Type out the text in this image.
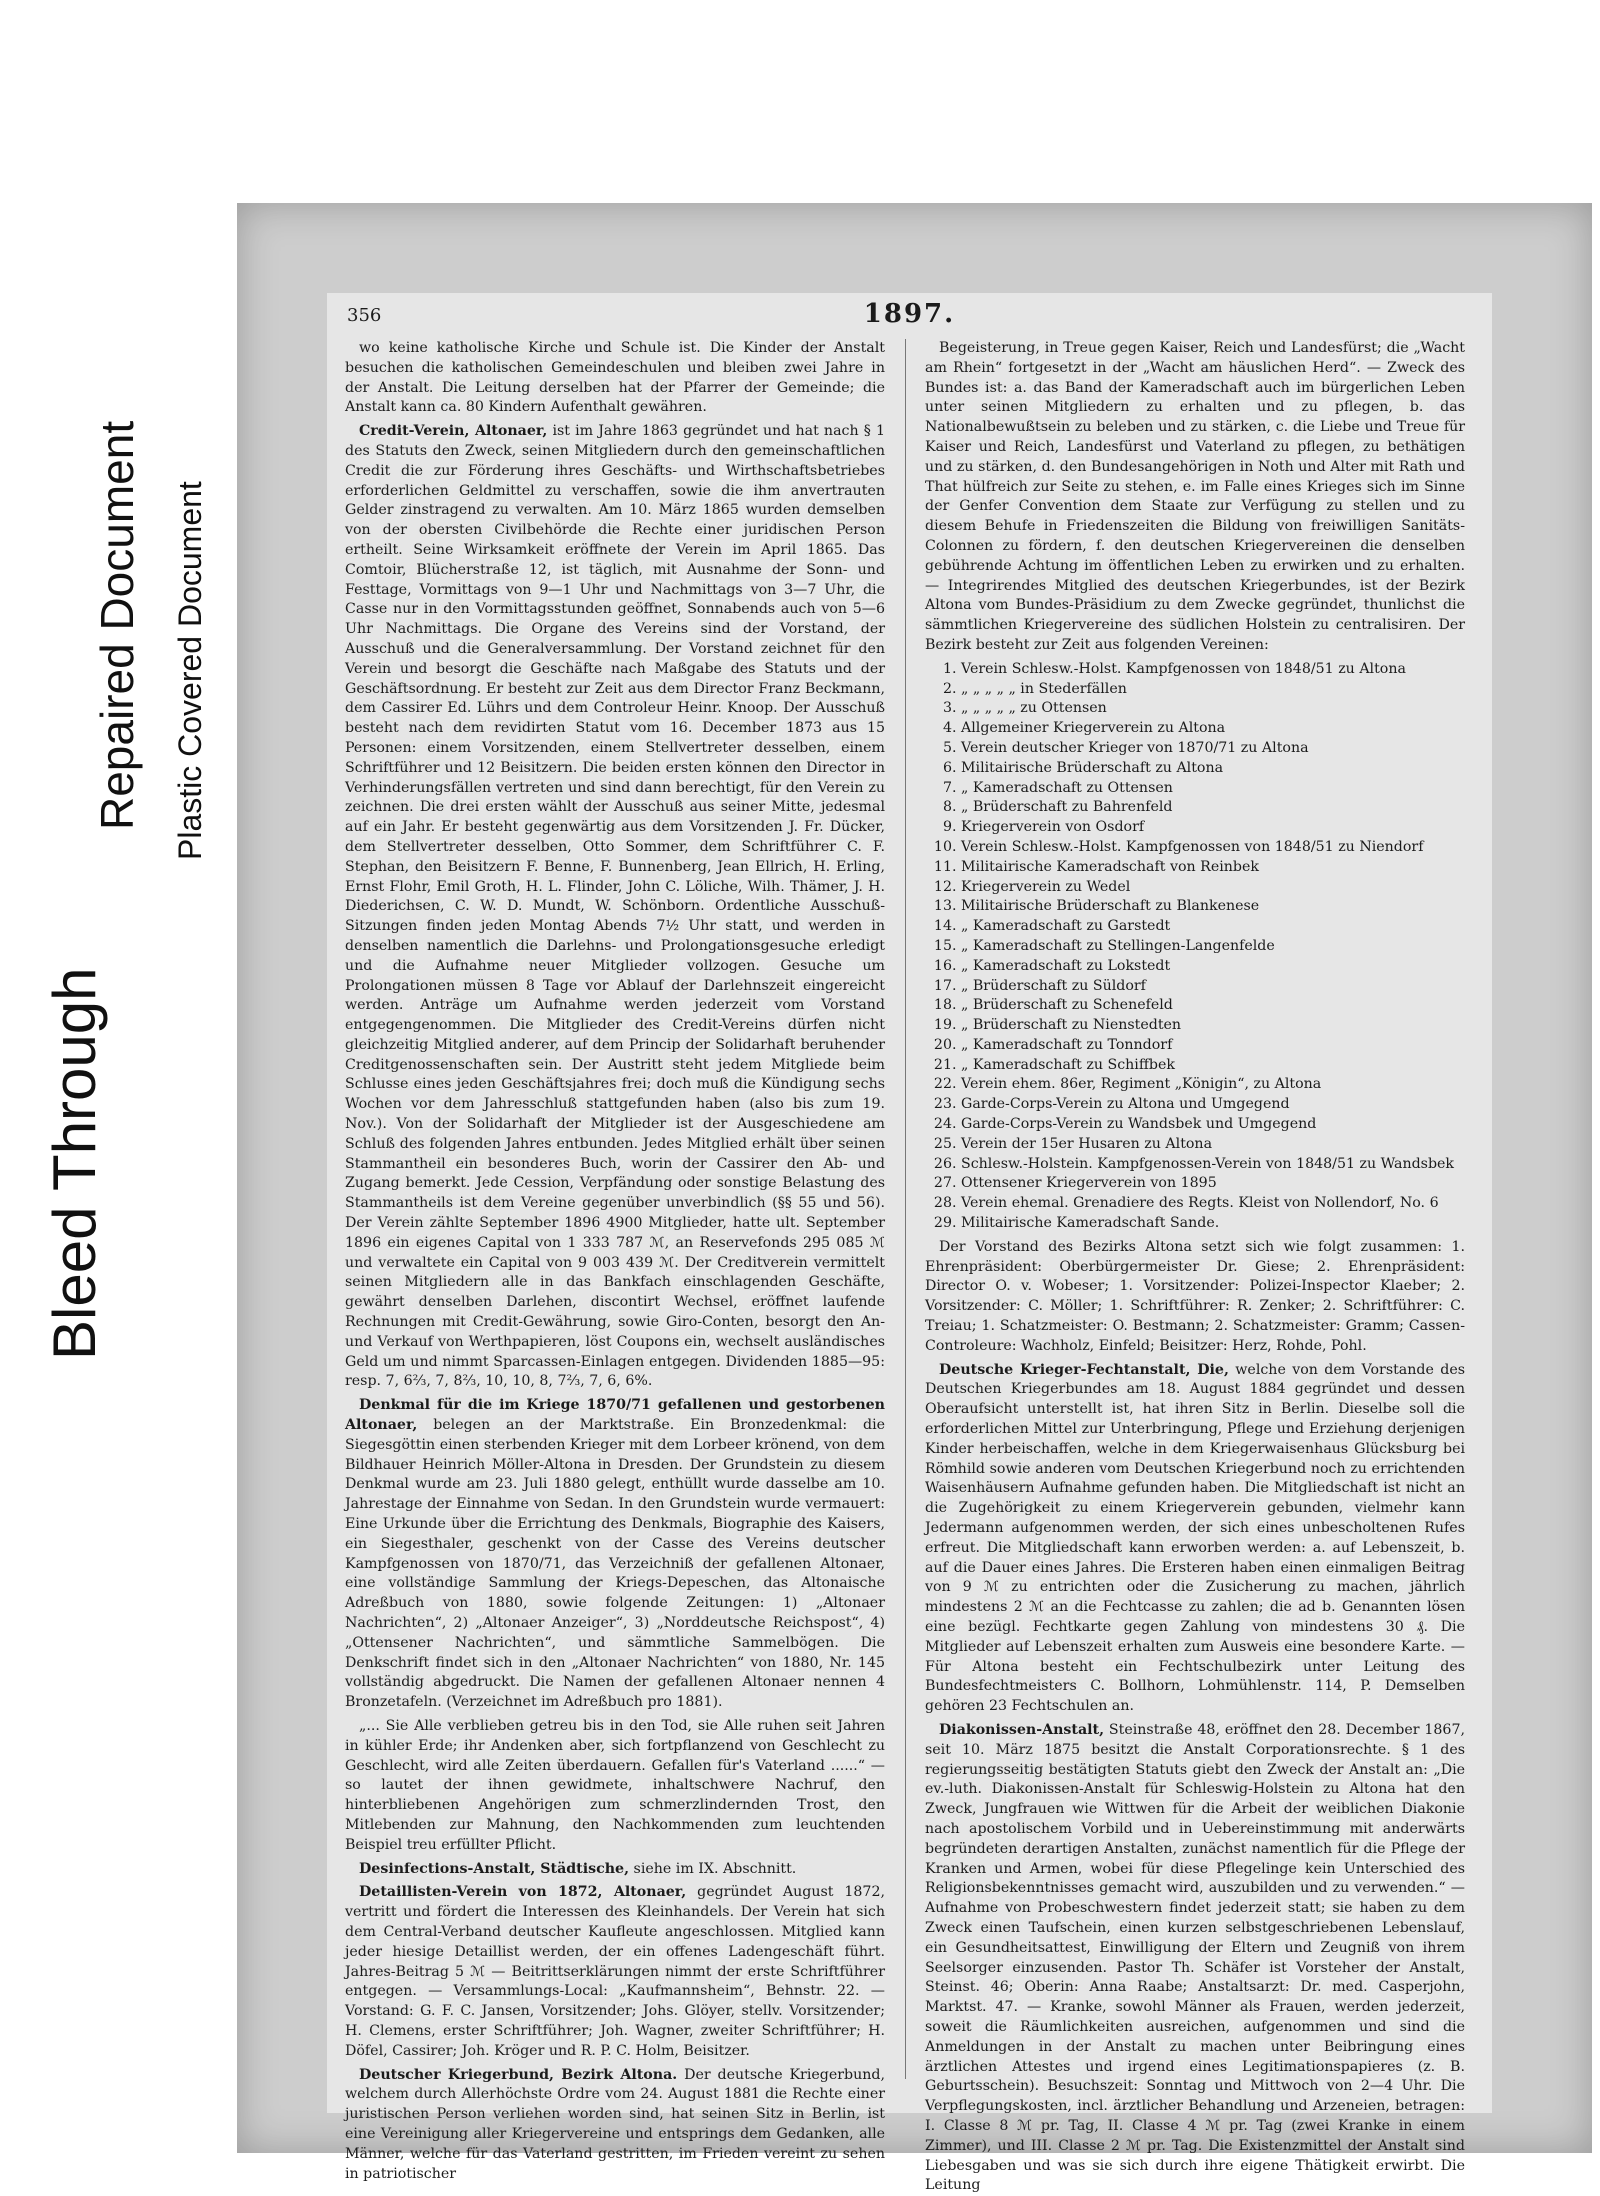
Bleed Through
Repaired Document Plastic Covered Document
356	1897.

wo keine katholische Kirche und Schule ist. Die Kinder der Anstalt besuchen die katholischen Gemeindeschulen und bleiben zwei Jahre in der Anstalt. Die Leitung derselben hat der Pfarrer der Gemeinde; die Anstalt kann ca. 80 Kindern Aufenthalt gewähren.

Credit-Verein, Altonaer, ist im Jahre 1863 gegründet und hat nach § 1 des Statuts den Zweck, seinen Mitgliedern durch den gemeinschaftlichen Credit die zur Förderung ihres Geschäfts- und Wirthschaftsbetriebes erforderlichen Geldmittel zu verschaffen, sowie die ihm anvertrauten Gelder zinstragend zu verwalten. Am 10. März 1865 wurden demselben von der obersten Civilbehörde die Rechte einer juridischen Person ertheilt. Seine Wirksamkeit eröffnete der Verein im April 1865. Das Comtoir, Blücherstraße 12, ist täglich, mit Ausnahme der Sonn- und Festtage, Vormittags von 9—1 Uhr und Nachmittags von 3—7 Uhr, die Casse nur in den Vormittagsstunden geöffnet, Sonnabends auch von 5—6 Uhr Nachmittags. Die Organe des Vereins sind der Vorstand, der Ausschuß und die Generalversammlung. Der Vorstand zeichnet für den Verein und besorgt die Geschäfte nach Maßgabe des Statuts und der Geschäftsordnung. Er besteht zur Zeit aus dem Director Franz Beckmann, dem Cassirer Ed. Lührs und dem Controleur Heinr. Knoop. Der Ausschuß besteht nach dem revidirten Statut vom 16. December 1873 aus 15 Personen: einem Vorsitzenden, einem Stellvertreter desselben, einem Schriftführer und 12 Beisitzern. Die beiden ersten können den Director in Verhinderungsfällen vertreten und sind dann berechtigt, für den Verein zu zeichnen. Die drei ersten wählt der Ausschuß aus seiner Mitte, jedesmal auf ein Jahr. Er besteht gegenwärtig aus dem Vorsitzenden J. Fr. Dücker, dem Stellvertreter desselben, Otto Sommer, dem Schriftführer C. F. Stephan, den Beisitzern F. Benne, F. Bunnenberg, Jean Ellrich, H. Erling, Ernst Flohr, Emil Groth, H. L. Flinder, John C. Löliche, Wilh. Thämer, J. H. Diederichsen, C. W. D. Mundt, W. Schönborn. Ordentliche Ausschuß-Sitzungen finden jeden Montag Abends 7½ Uhr statt, und werden in denselben namentlich die Darlehns- und Prolongationsgesuche erledigt und die Aufnahme neuer Mitglieder vollzogen. Gesuche um Prolongationen müssen 8 Tage vor Ablauf der Darlehnszeit eingereicht werden. Anträge um Aufnahme werden jederzeit vom Vorstand entgegengenommen. Die Mitglieder des Credit-Vereins dürfen nicht gleichzeitig Mitglied anderer, auf dem Princip der Solidarhaft beruhender Creditgenossenschaften sein. Der Austritt steht jedem Mitgliede beim Schlusse eines jeden Geschäftsjahres frei; doch muß die Kündigung sechs Wochen vor dem Jahresschluß stattgefunden haben (also bis zum 19. Nov.). Von der Solidarhaft der Mitglieder ist der Ausgeschiedene am Schluß des folgenden Jahres entbunden. Jedes Mitglied erhält über seinen Stammantheil ein besonderes Buch, worin der Cassirer den Ab- und Zugang bemerkt. Jede Cession, Verpfändung oder sonstige Belastung des Stammantheils ist dem Vereine gegenüber unverbindlich (§§ 55 und 56). Der Verein zählte September 1896 4900 Mitglieder, hatte ult. September 1896 ein eigenes Capital von 1 333 787 ℳ, an Reservefonds 295 085 ℳ und verwaltete ein Capital von 9 003 439 ℳ. Der Creditverein vermittelt seinen Mitgliedern alle in das Bankfach einschlagenden Geschäfte, gewährt denselben Darlehen, discontirt Wechsel, eröffnet laufende Rechnungen mit Credit-Gewährung, sowie Giro-Conten, besorgt den An- und Verkauf von Werthpapieren, löst Coupons ein, wechselt ausländisches Geld um und nimmt Sparcassen-Einlagen entgegen. Dividenden 1885—95: resp. 7, 6⅔, 7, 8⅔, 10, 10, 8, 7⅔, 7, 6, 6%.

Denkmal für die im Kriege 1870/71 gefallenen und gestorbenen Altonaer, belegen an der Marktstraße. Ein Bronzedenkmal: die Siegesgöttin einen sterbenden Krieger mit dem Lorbeer krönend, von dem Bildhauer Heinrich Möller-Altona in Dresden. Der Grundstein zu diesem Denkmal wurde am 23. Juli 1880 gelegt, enthüllt wurde dasselbe am 10. Jahrestage der Einnahme von Sedan. In den Grundstein wurde vermauert: Eine Urkunde über die Errichtung des Denkmals, Biographie des Kaisers, ein Siegesthaler, geschenkt von der Casse des Vereins deutscher Kampfgenossen von 1870/71, das Verzeichniß der gefallenen Altonaer, eine vollständige Sammlung der Kriegs-Depeschen, das Altonaische Adreßbuch von 1880, sowie folgende Zeitungen: 1) „Altonaer Nachrichten“, 2) „Altonaer Anzeiger“, 3) „Norddeutsche Reichspost“, 4) „Ottensener Nachrichten“, und sämmtliche Sammelbögen. Die Denkschrift findet sich in den „Altonaer Nachrichten“ von 1880, Nr. 145 vollständig abgedruckt. Die Namen der gefallenen Altonaer nennen 4 Bronzetafeln. (Verzeichnet im Adreßbuch pro 1881).

„... Sie Alle verblieben getreu bis in den Tod, sie Alle ruhen seit Jahren in kühler Erde; ihr Andenken aber, sich fortpflanzend von Geschlecht zu Geschlecht, wird alle Zeiten überdauern. Gefallen für's Vaterland ......“ — so lautet der ihnen gewidmete, inhaltschwere Nachruf, den hinterbliebenen Angehörigen zum schmerzlindernden Trost, den Mitlebenden zur Mahnung, den Nachkommenden zum leuchtenden Beispiel treu erfüllter Pflicht.

Desinfections-Anstalt, Städtische, siehe im IX. Abschnitt.

Detaillisten-Verein von 1872, Altonaer, gegründet August 1872, vertritt und fördert die Interessen des Kleinhandels. Der Verein hat sich dem Central-Verband deutscher Kaufleute angeschlossen. Mitglied kann jeder hiesige Detaillist werden, der ein offenes Ladengeschäft führt. Jahres-Beitrag 5 ℳ — Beitrittserklärungen nimmt der erste Schriftführer entgegen. — Versammlungs-Local: „Kaufmannsheim“, Behnstr. 22. — Vorstand: G. F. C. Jansen, Vorsitzender; Johs. Glöyer, stellv. Vorsitzender; H. Clemens, erster Schriftführer; Joh. Wagner, zweiter Schriftführer; H. Döfel, Cassirer; Joh. Kröger und R. P. C. Holm, Beisitzer.

Deutscher Kriegerbund, Bezirk Altona. Der deutsche Kriegerbund, welchem durch Allerhöchste Ordre vom 24. August 1881 die Rechte einer juristischen Person verliehen worden sind, hat seinen Sitz in Berlin, ist eine Vereinigung aller Kriegervereine und entsprings dem Gedanken, alle Männer, welche für das Vaterland gestritten, im Frieden vereint zu sehen in patriotischer

Begeisterung, in Treue gegen Kaiser, Reich und Landesfürst; die „Wacht am Rhein“ fortgesetzt in der „Wacht am häuslichen Herd“. — Zweck des Bundes ist: a. das Band der Kameradschaft auch im bürgerlichen Leben unter seinen Mitgliedern zu erhalten und zu pflegen, b. das Nationalbewußtsein zu beleben und zu stärken, c. die Liebe und Treue für Kaiser und Reich, Landesfürst und Vaterland zu pflegen, zu bethätigen und zu stärken, d. den Bundesangehörigen in Noth und Alter mit Rath und That hülfreich zur Seite zu stehen, e. im Falle eines Krieges sich im Sinne der Genfer Convention dem Staate zur Verfügung zu stellen und zu diesem Behufe in Friedenszeiten die Bildung von freiwilligen Sanitäts-Colonnen zu fördern, f. den deutschen Kriegervereinen die denselben gebührende Achtung im öffentlichen Leben zu erwirken und zu erhalten. — Integrirendes Mitglied des deutschen Kriegerbundes, ist der Bezirk Altona vom Bundes-Präsidium zu dem Zwecke gegründet, thunlichst die sämmtlichen Kriegervereine des südlichen Holstein zu centralisiren. Der Bezirk besteht zur Zeit aus folgenden Vereinen:

1. Verein Schlesw.-Holst. Kampfgenossen von 1848/51 zu Altona
2. „ „ „ „ „ in Stederfällen
3. „ „ „ „ „ zu Ottensen
4. Allgemeiner Kriegerverein zu Altona
5. Verein deutscher Krieger von 1870/71 zu Altona
6. Militairische Brüderschaft zu Altona
7. „ Kameradschaft zu Ottensen
8. „ Brüderschaft zu Bahrenfeld
9. Kriegerverein von Osdorf
10. Verein Schlesw.-Holst. Kampfgenossen von 1848/51 zu Niendorf
11. Militairische Kameradschaft von Reinbek
12. Kriegerverein zu Wedel
13. Militairische Brüderschaft zu Blankenese
14. „ Kameradschaft zu Garstedt
15. „ Kameradschaft zu Stellingen-Langenfelde
16. „ Kameradschaft zu Lokstedt
17. „ Brüderschaft zu Süldorf
18. „ Brüderschaft zu Schenefeld
19. „ Brüderschaft zu Nienstedten
20. „ Kameradschaft zu Tonndorf
21. „ Kameradschaft zu Schiffbek
22. Verein ehem. 86er, Regiment „Königin“, zu Altona
23. Garde-Corps-Verein zu Altona und Umgegend
24. Garde-Corps-Verein zu Wandsbek und Umgegend
25. Verein der 15er Husaren zu Altona
26. Schlesw.-Holstein. Kampfgenossen-Verein von 1848/51 zu Wandsbek
27. Ottensener Kriegerverein von 1895
28. Verein ehemal. Grenadiere des Regts. Kleist von Nollendorf, No. 6
29. Militairische Kameradschaft Sande.

Der Vorstand des Bezirks Altona setzt sich wie folgt zusammen: 1. Ehrenpräsident: Oberbürgermeister Dr. Giese; 2. Ehrenpräsident: Director O. v. Wobeser; 1. Vorsitzender: Polizei-Inspector Klaeber; 2. Vorsitzender: C. Möller; 1. Schriftführer: R. Zenker; 2. Schriftführer: C. Treiau; 1. Schatzmeister: O. Bestmann; 2. Schatzmeister: Gramm; Cassen-Controleure: Wachholz, Einfeld; Beisitzer: Herz, Rohde, Pohl.

Deutsche Krieger-Fechtanstalt, Die, welche von dem Vorstande des Deutschen Kriegerbundes am 18. August 1884 gegründet und dessen Oberaufsicht unterstellt ist, hat ihren Sitz in Berlin. Dieselbe soll die erforderlichen Mittel zur Unterbringung, Pflege und Erziehung derjenigen Kinder herbeischaffen, welche in dem Kriegerwaisenhaus Glücksburg bei Römhild sowie anderen vom Deutschen Kriegerbund noch zu errichtenden Waisenhäusern Aufnahme gefunden haben. Die Mitgliedschaft ist nicht an die Zugehörigkeit zu einem Kriegerverein gebunden, vielmehr kann Jedermann aufgenommen werden, der sich eines unbescholtenen Rufes erfreut. Die Mitgliedschaft kann erworben werden: a. auf Lebenszeit, b. auf die Dauer eines Jahres. Die Ersteren haben einen einmaligen Beitrag von 9 ℳ zu entrichten oder die Zusicherung zu machen, jährlich mindestens 2 ℳ an die Fechtcasse zu zahlen; die ad b. Genannten lösen eine bezügl. Fechtkarte gegen Zahlung von mindestens 30 ₰. Die Mitglieder auf Lebenszeit erhalten zum Ausweis eine besondere Karte. — Für Altona besteht ein Fechtschulbezirk unter Leitung des Bundesfechtmeisters C. Bollhorn, Lohmühlenstr. 114, P. Demselben gehören 23 Fechtschulen an.

Diakonissen-Anstalt, Steinstraße 48, eröffnet den 28. December 1867, seit 10. März 1875 besitzt die Anstalt Corporationsrechte. § 1 des regierungsseitig bestätigten Statuts giebt den Zweck der Anstalt an: „Die ev.-luth. Diakonissen-Anstalt für Schleswig-Holstein zu Altona hat den Zweck, Jungfrauen wie Wittwen für die Arbeit der weiblichen Diakonie nach apostolischem Vorbild und in Uebereinstimmung mit anderwärts begründeten derartigen Anstalten, zunächst namentlich für die Pflege der Kranken und Armen, wobei für diese Pflegelinge kein Unterschied des Religionsbekenntnisses gemacht wird, auszubilden und zu verwenden.“ — Aufnahme von Probeschwestern findet jederzeit statt; sie haben zu dem Zweck einen Taufschein, einen kurzen selbstgeschriebenen Lebenslauf, ein Gesundheitsattest, Einwilligung der Eltern und Zeugniß von ihrem Seelsorger einzusenden. Pastor Th. Schäfer ist Vorsteher der Anstalt, Steinst. 46; Oberin: Anna Raabe; Anstaltsarzt: Dr. med. Casperjohn, Marktst. 47. — Kranke, sowohl Männer als Frauen, werden jederzeit, soweit die Räumlichkeiten ausreichen, aufgenommen und sind die Anmeldungen in der Anstalt zu machen unter Beibringung eines ärztlichen Attestes und irgend eines Legitimationspapieres (z. B. Geburtsschein). Besuchszeit: Sonntag und Mittwoch von 2—4 Uhr. Die Verpflegungskosten, incl. ärztlicher Behandlung und Arzeneien, betragen: I. Classe 8 ℳ pr. Tag, II. Classe 4 ℳ pr. Tag (zwei Kranke in einem Zimmer), und III. Classe 2 ℳ pr. Tag. Die Existenzmittel der Anstalt sind Liebesgaben und was sie sich durch ihre eigene Thätigkeit erwirbt. Die Leitung
